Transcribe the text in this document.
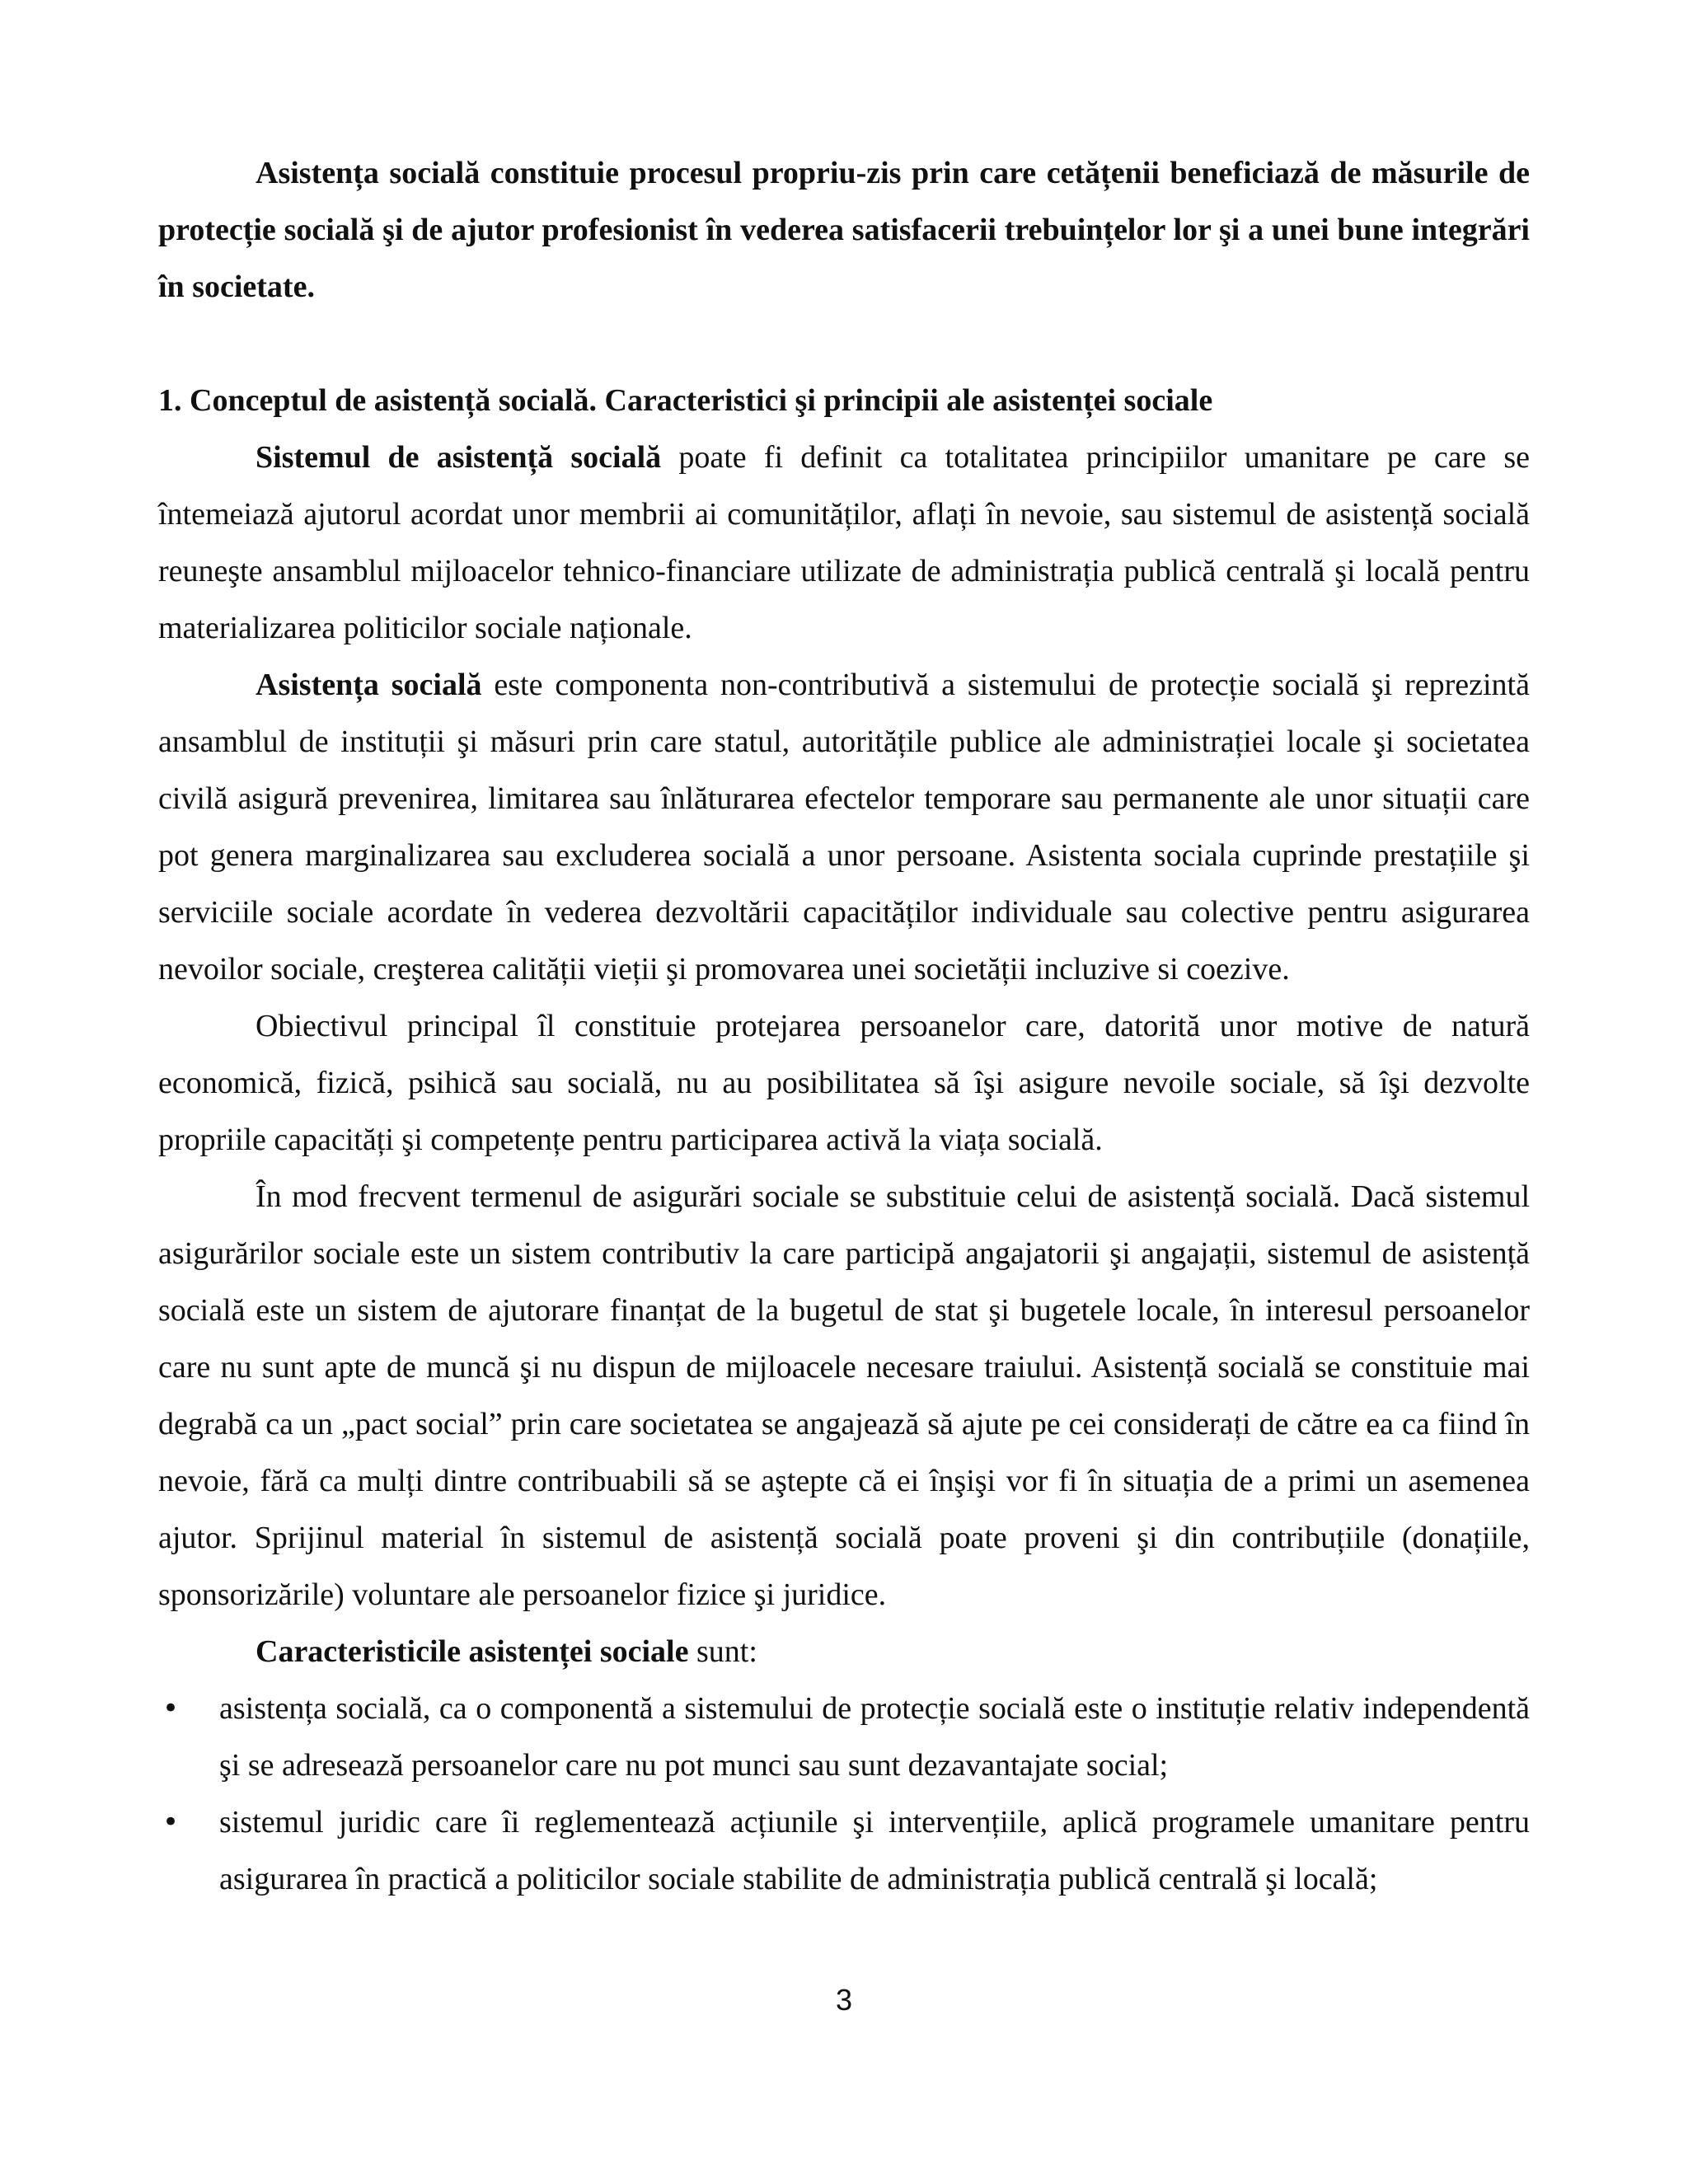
Asistența socială constituie procesul propriu-zis prin care cetățenii beneficiază de măsurile de protecție socială şi de ajutor profesionist în vederea satisfacerii trebuințelor lor şi a unei bune integrări în societate.

1. Conceptul de asistență socială. Caracteristici şi principii ale asistenței sociale

Sistemul de asistență socială poate fi definit ca totalitatea principiilor umanitare pe care se întemeiază ajutorul acordat unor membrii ai comunităților, aflați în nevoie, sau sistemul de asistență socială reuneşte ansamblul mijloacelor tehnico-financiare utilizate de administrația publică centrală şi locală pentru materializarea politicilor sociale naționale.

Asistența socială este componenta non-contributivă a sistemului de protecție socială şi reprezintă ansamblul de instituții şi măsuri prin care statul, autoritățile publice ale administrației locale şi societatea civilă asigură prevenirea, limitarea sau înlăturarea efectelor temporare sau permanente ale unor situații care pot genera marginalizarea sau excluderea socială a unor persoane. Asistenta sociala cuprinde prestațiile şi serviciile sociale acordate în vederea dezvoltării capacităților individuale sau colective pentru asigurarea nevoilor sociale, creşterea calității vieții şi promovarea unei societății incluzive si coezive.

Obiectivul principal îl constituie protejarea persoanelor care, datorită unor motive de natură economică, fizică, psihică sau socială, nu au posibilitatea să îşi asigure nevoile sociale, să îşi dezvolte propriile capacități şi competențe pentru participarea activă la viața socială.

În mod frecvent termenul de asigurări sociale se substituie celui de asistență socială. Dacă sistemul asigurărilor sociale este un sistem contributiv la care participă angajatorii şi angajații, sistemul de asistență socială este un sistem de ajutorare finanțat de la bugetul de stat şi bugetele locale, în interesul persoanelor care nu sunt apte de muncă şi nu dispun de mijloacele necesare traiului. Asistență socială se constituie mai degrabă ca un „pact social” prin care societatea se angajează să ajute pe cei considerați de către ea ca fiind în nevoie, fără ca mulți dintre contribuabili să se aştepte că ei înşişi vor fi în situația de a primi un asemenea ajutor. Sprijinul material în sistemul de asistență socială poate proveni şi din contribuțiile (donațiile, sponsorizările) voluntare ale persoanelor fizice şi juridice.

Caracteristicile asistenței sociale sunt:

• asistența socială, ca o componentă a sistemului de protecție socială este o instituție relativ independentă şi se adresează persoanelor care nu pot munci sau sunt dezavantajate social;
• sistemul juridic care îi reglementează acțiunile şi intervențiile, aplică programele umanitare pentru asigurarea în practică a politicilor sociale stabilite de administrația publică centrală şi locală;
3
